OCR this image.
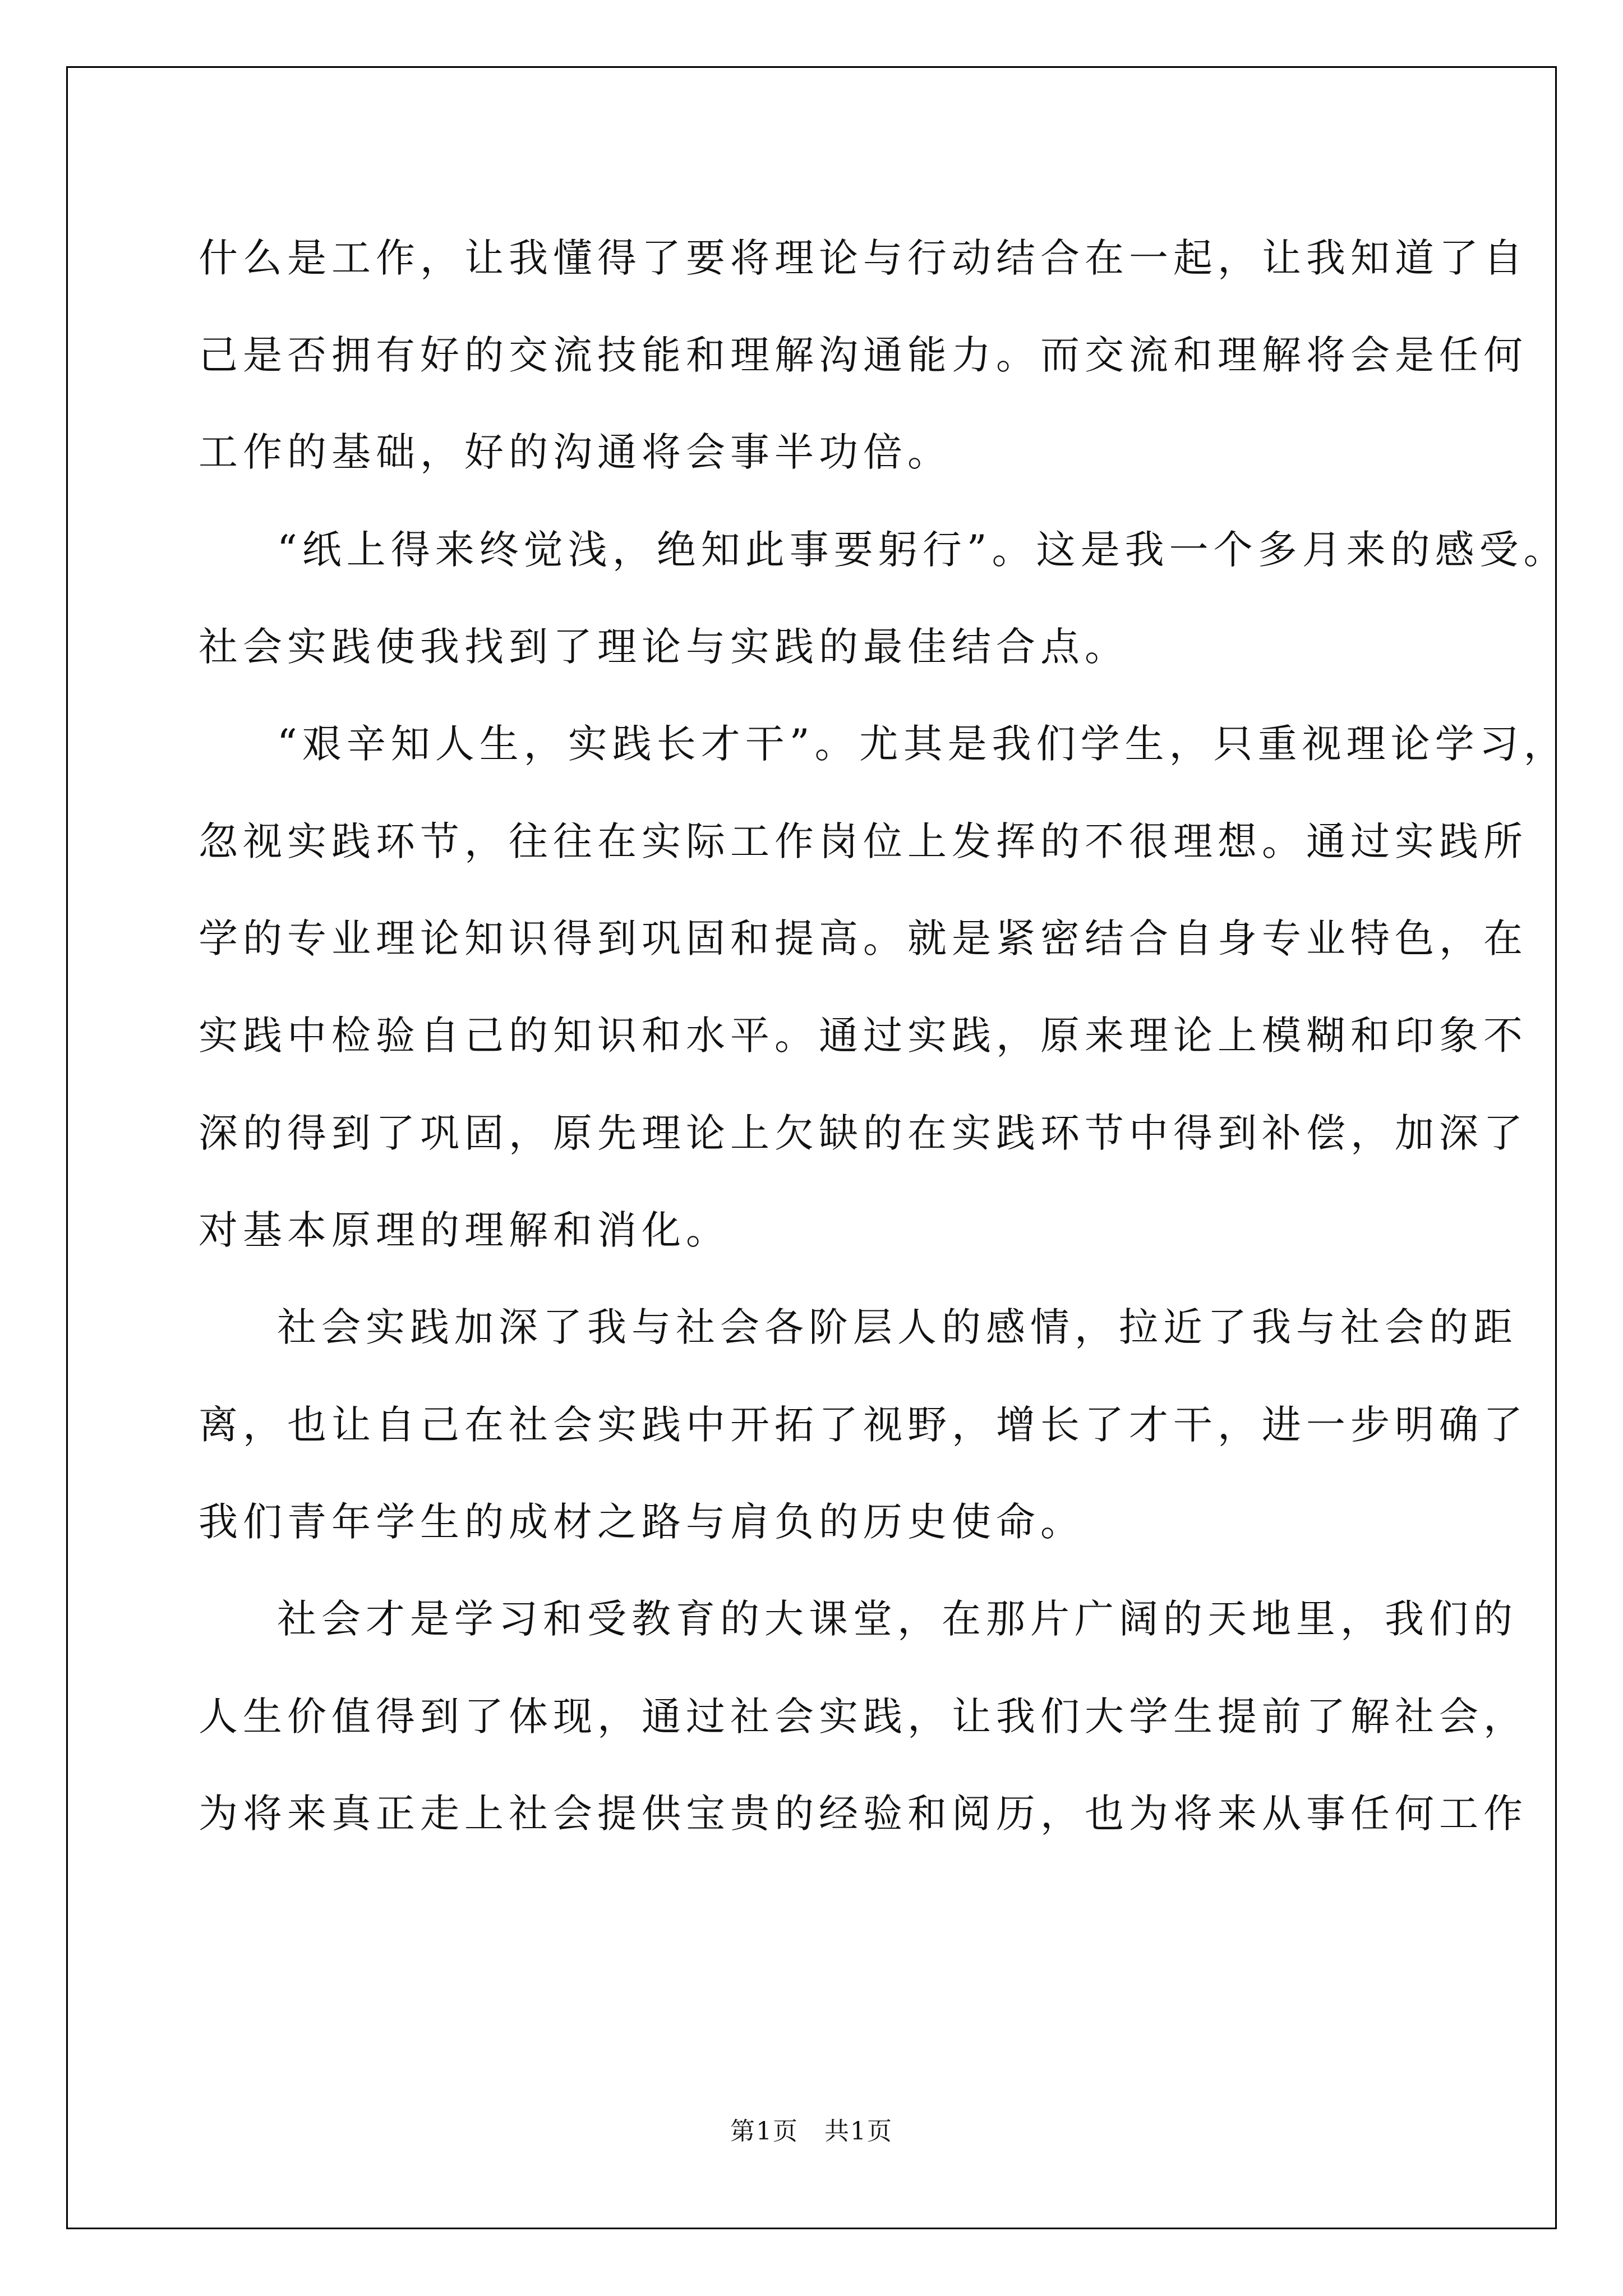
什么是工作，让我懂得了要将理论与行动结合在一起，让我知道了自
己是否拥有好的交流技能和理解沟通能力。而交流和理解将会是任何
工作的基础，好的沟通将会事半功倍。
“纸上得来终觉浅，绝知此事要躬行”。这是我一个多月来的感受。
社会实践使我找到了理论与实践的最佳结合点。
“艰辛知人生，实践长才干”。尤其是我们学生，只重视理论学习，
忽视实践环节，往往在实际工作岗位上发挥的不很理想。通过实践所
学的专业理论知识得到巩固和提高。就是紧密结合自身专业特色，在
实践中检验自己的知识和水平。通过实践，原来理论上模糊和印象不
深的得到了巩固，原先理论上欠缺的在实践环节中得到补偿，加深了
对基本原理的理解和消化。
社会实践加深了我与社会各阶层人的感情，拉近了我与社会的距
离，也让自己在社会实践中开拓了视野，增长了才干，进一步明确了
我们青年学生的成材之路与肩负的历史使命。
社会才是学习和受教育的大课堂，在那片广阔的天地里，我们的
人生价值得到了体现，通过社会实践，让我们大学生提前了解社会，
为将来真正走上社会提供宝贵的经验和阅历，也为将来从事任何工作
第1页 共1页
